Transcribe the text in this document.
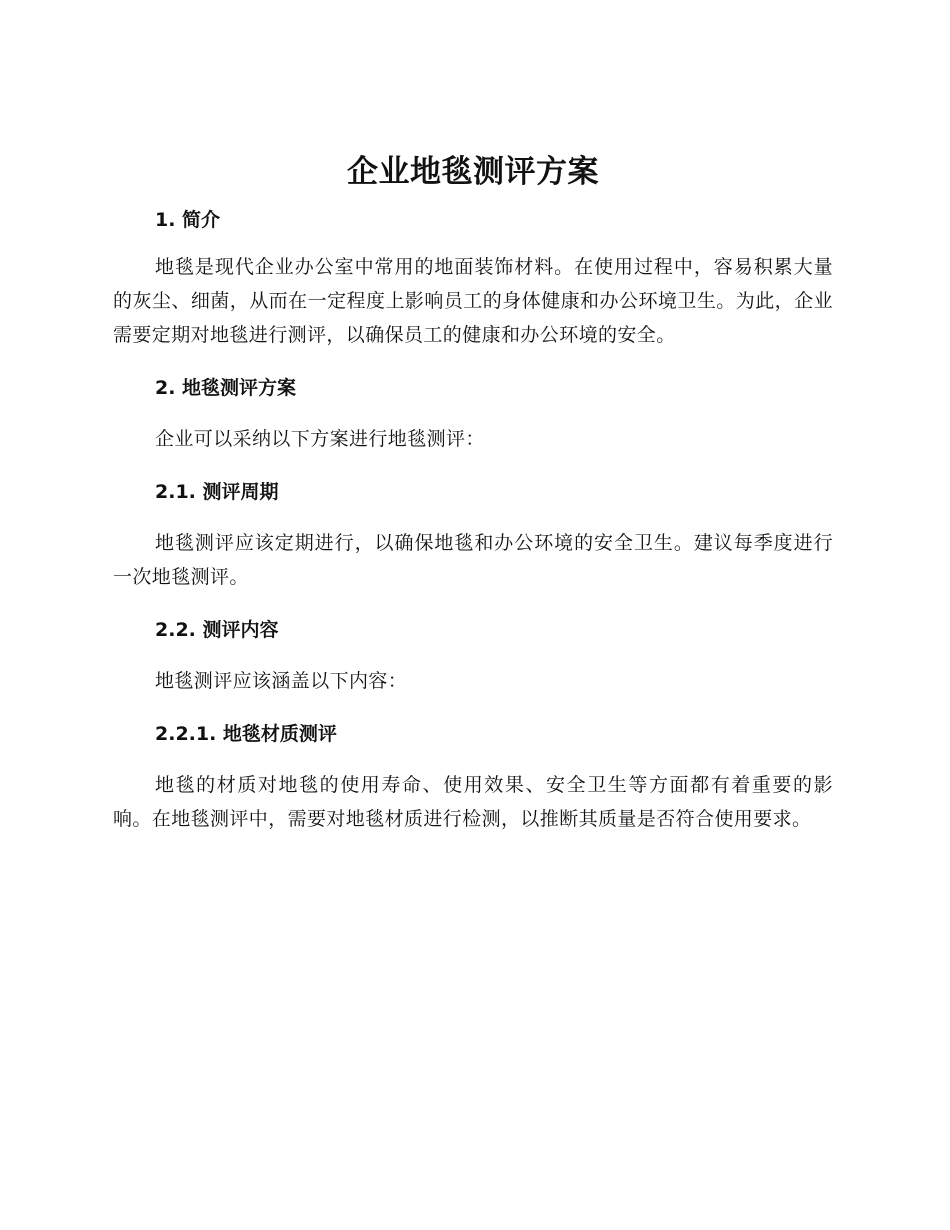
企业地毯测评方案
1. 简介

地毯是现代企业办公室中常用的地面装饰材料。在使用过程中，容易积累大量的灰尘、细菌，从而在一定程度上影响员工的身体健康和办公环境卫生。为此，企业需要定期对地毯进行测评，以确保员工的健康和办公环境的安全。

2. 地毯测评方案

企业可以采纳以下方案进行地毯测评：

2.1. 测评周期

地毯测评应该定期进行，以确保地毯和办公环境的安全卫生。建议每季度进行一次地毯测评。

2.2. 测评内容

地毯测评应该涵盖以下内容：

2.2.1. 地毯材质测评

地毯的材质对地毯的使用寿命、使用效果、安全卫生等方面都有着重要的影响。在地毯测评中，需要对地毯材质进行检测，以推断其质量是否符合使用要求。
